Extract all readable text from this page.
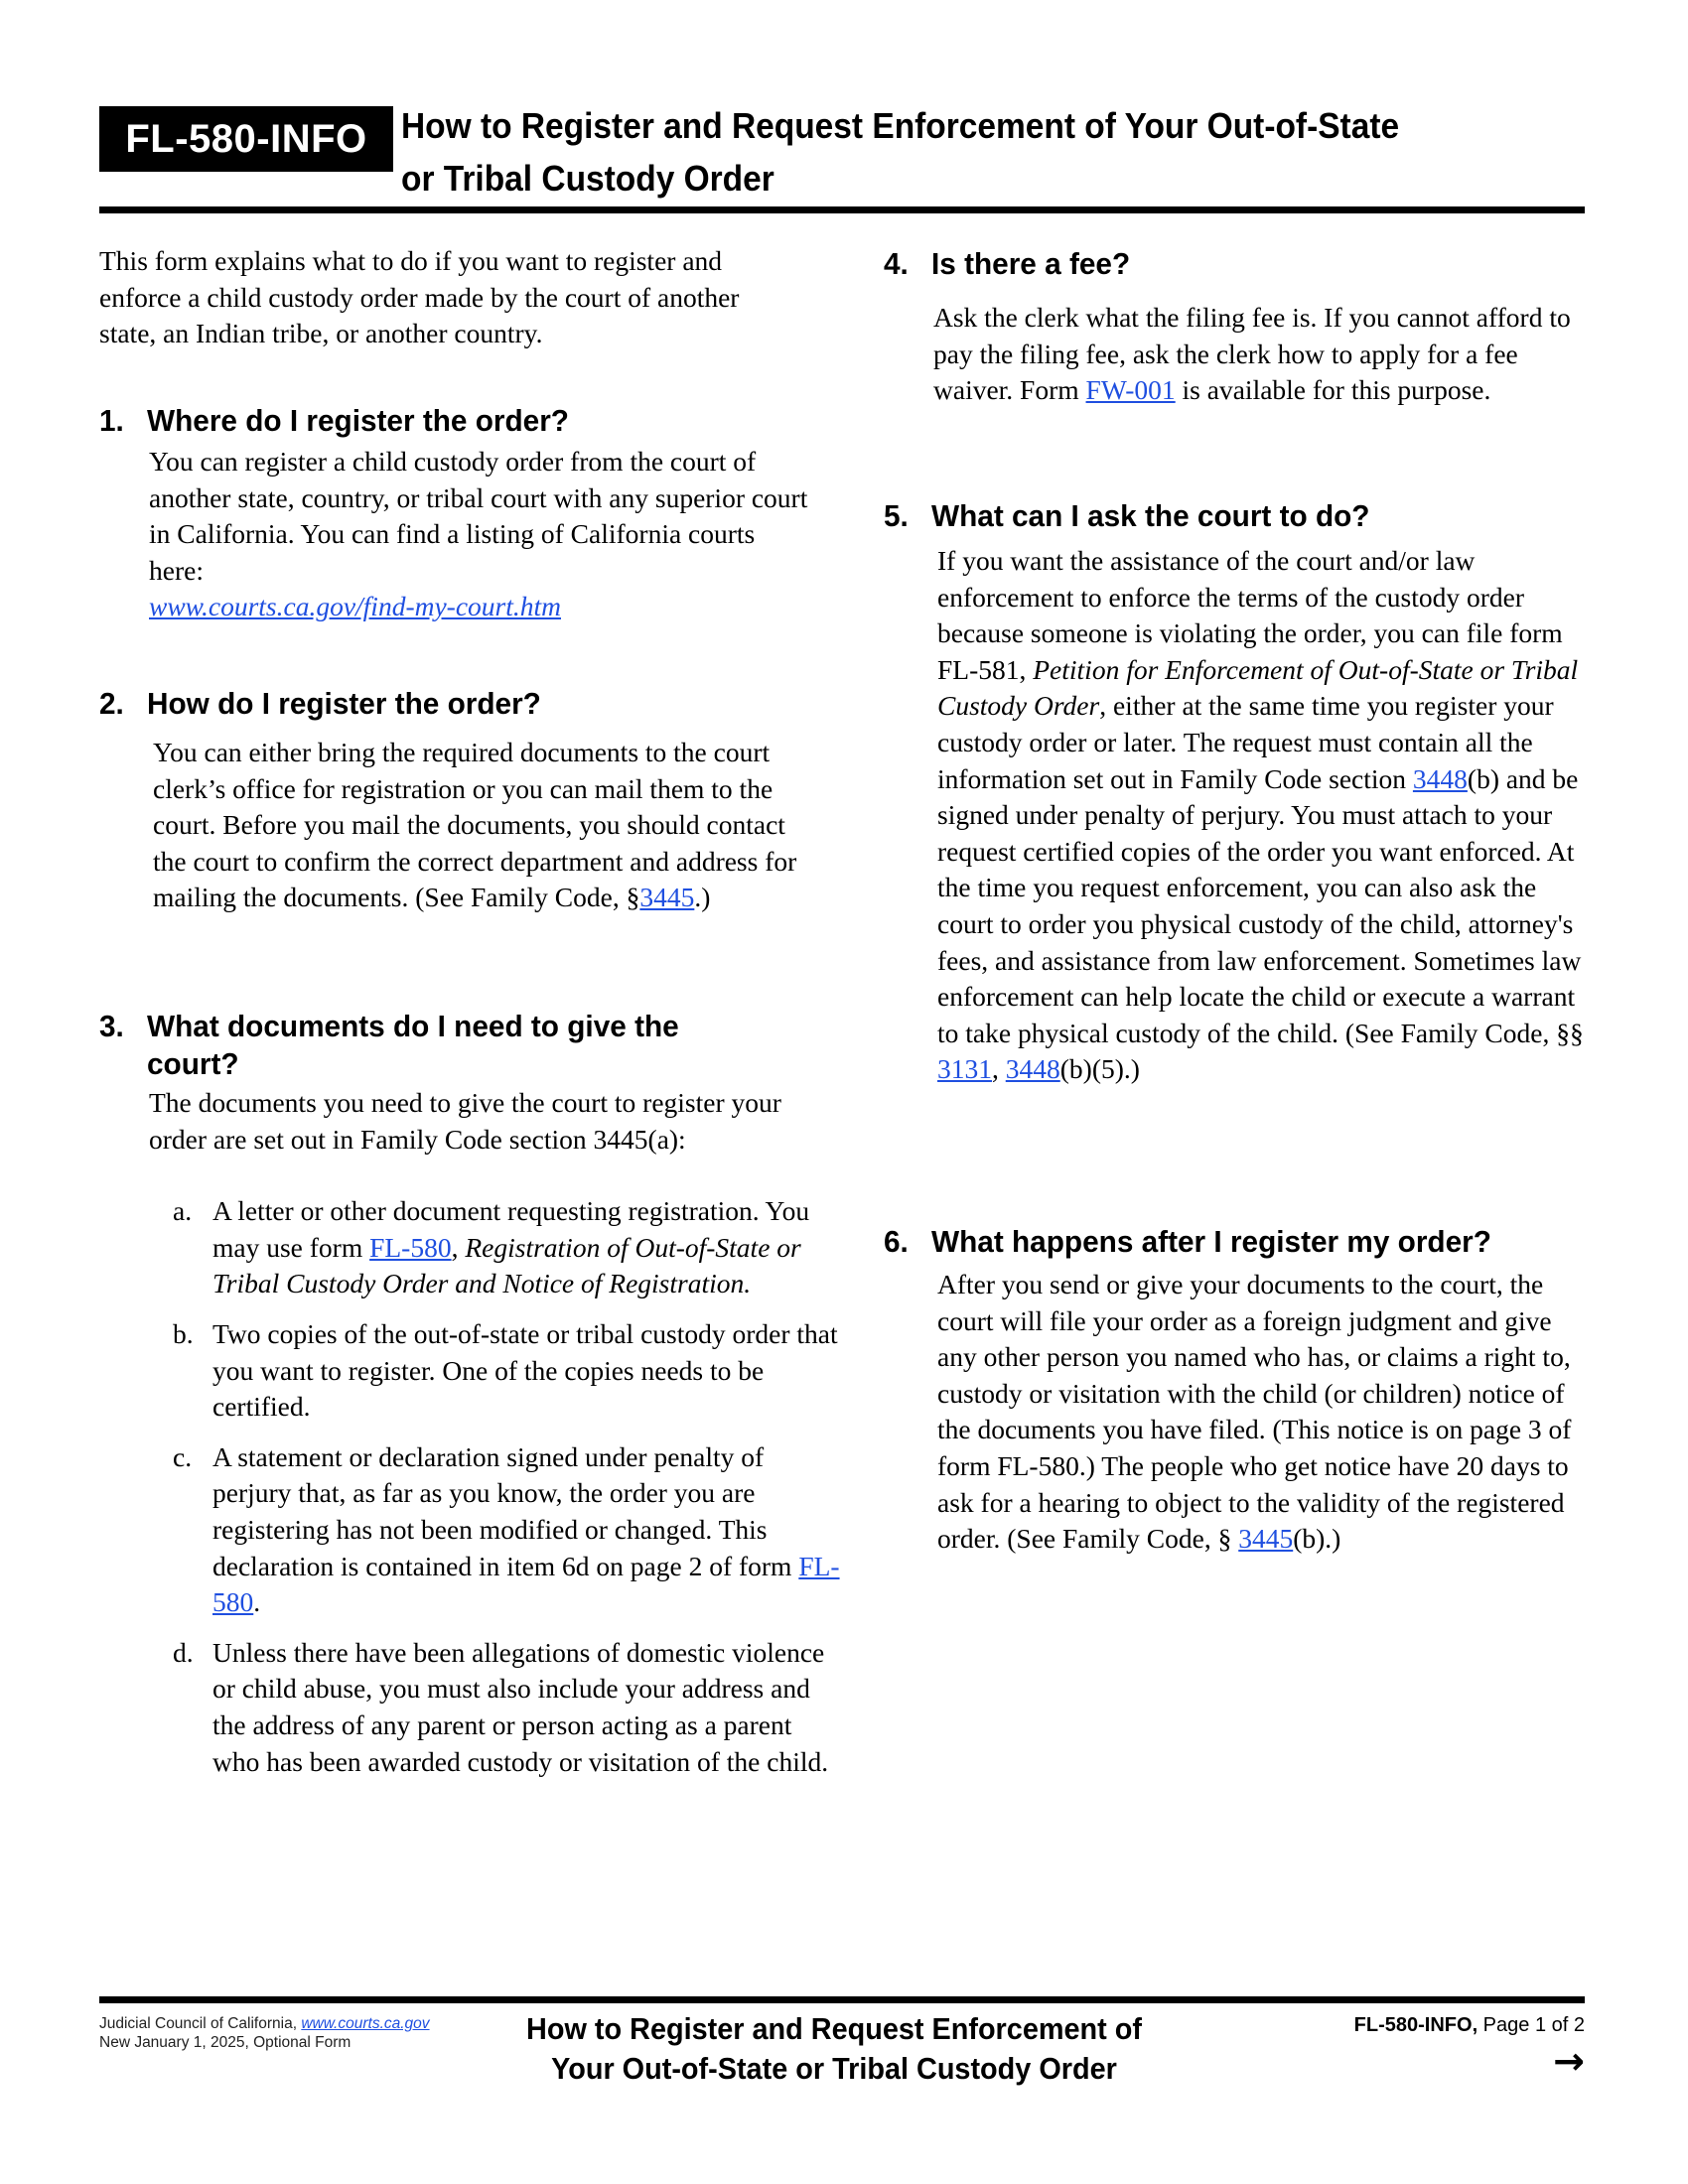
FL-580-INFO How to Register and Request Enforcement of Your Out-of-State
or Tribal Custody Order
This form explains what to do if you want to register and enforce a child custody order made by the court of another state, an Indian tribe, or another country.
1. Where do I register the order?
You can register a child custody order from the court of another state, country, or tribal court with any superior court in California. You can find a listing of California courts here:
www.courts.ca.gov/find-my-court.htm
2. How do I register the order?
You can either bring the required documents to the court clerk’s office for registration or you can mail them to the court. Before you mail the documents, you should contact the court to confirm the correct department and address for mailing the documents. (See Family Code, §3445.)
3. What documents do I need to give the court?
The documents you need to give the court to register your order are set out in Family Code section 3445(a):
a. A letter or other document requesting registration. You may use form FL-580, Registration of Out-of-State or Tribal Custody Order and Notice of Registration.
b. Two copies of the out-of-state or tribal custody order that you want to register. One of the copies needs to be certified.
c. A statement or declaration signed under penalty of perjury that, as far as you know, the order you are registering has not been modified or changed. This declaration is contained in item 6d on page 2 of form FL-580.
d. Unless there have been allegations of domestic violence or child abuse, you must also include your address and the address of any parent or person acting as a parent who has been awarded custody or visitation of the child.
4. Is there a fee?
Ask the clerk what the filing fee is. If you cannot afford to pay the filing fee, ask the clerk how to apply for a fee waiver. Form FW-001 is available for this purpose.
5. What can I ask the court to do?
If you want the assistance of the court and/or law enforcement to enforce the terms of the custody order because someone is violating the order, you can file form FL-581, Petition for Enforcement of Out-of-State or Tribal Custody Order, either at the same time you register your custody order or later. The request must contain all the information set out in Family Code section 3448(b) and be signed under penalty of perjury. You must attach to your request certified copies of the order you want enforced. At the time you request enforcement, you can also ask the court to order you physical custody of the child, attorney's fees, and assistance from law enforcement. Sometimes law enforcement can help locate the child or execute a warrant to take physical custody of the child. (See Family Code, §§ 3131, 3448(b)(5).)
6. What happens after I register my order?
After you send or give your documents to the court, the court will file your order as a foreign judgment and give any other person you named who has, or claims a right to, custody or visitation with the child (or children) notice of the documents you have filed. (This notice is on page 3 of form FL-580.) The people who get notice have 20 days to ask for a hearing to object to the validity of the registered order. (See Family Code, § 3445(b).)
Judicial Council of California, www.courts.ca.gov
New January 1, 2025, Optional Form	How to Register and Request Enforcement of
Your Out-of-State or Tribal Custody Order
FL-580-INFO, Page 1 of 2
→
